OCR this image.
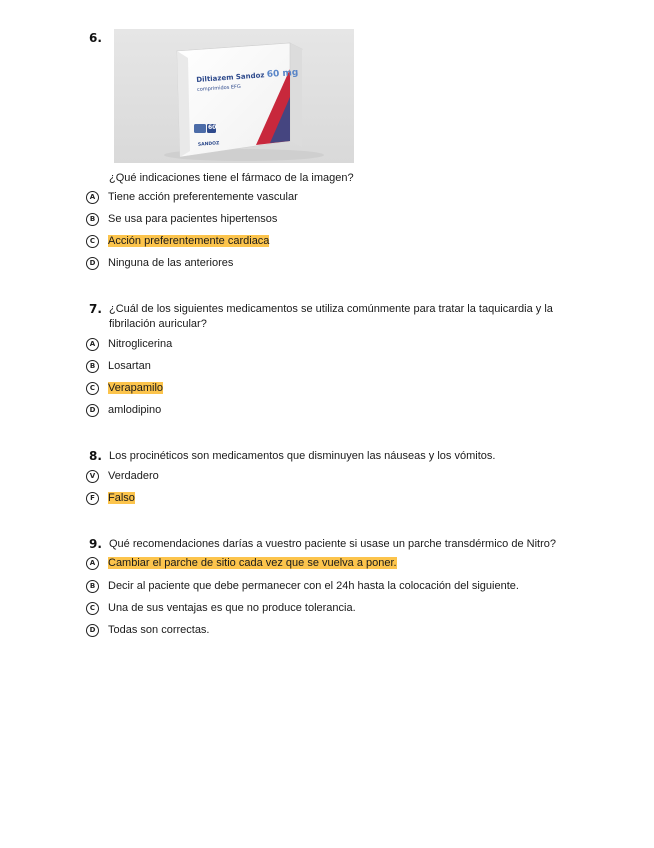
6.
Diltiazem Sandoz 60 mg
comprimidos EFG
60
SANDOZ
¿Qué indicaciones tiene el fármaco de la imagen?
A	Tiene acción preferentemente vascular
B	Se usa para pacientes hipertensos
C	Acción preferentemente cardiaca
D	Ninguna de las anteriores
7. ¿Cuál de los siguientes medicamentos se utiliza comúnmente para tratar la taquicardia y la
fibrilación auricular?
A	Nitroglicerina
B	Losartan
C	Verapamilo
D	amlodipino
8. Los procinéticos son medicamentos que disminuyen las náuseas y los vómitos.
V	Verdadero
F	Falso
9. Qué recomendaciones darías a vuestro paciente si usase un parche transdérmico de Nitro?
A	Cambiar el parche de sitio cada vez que se vuelva a poner.
B	Decir al paciente que debe permanecer con el 24h hasta la colocación del siguiente.
C	Una de sus ventajas es que no produce tolerancia.
D	Todas son correctas.
